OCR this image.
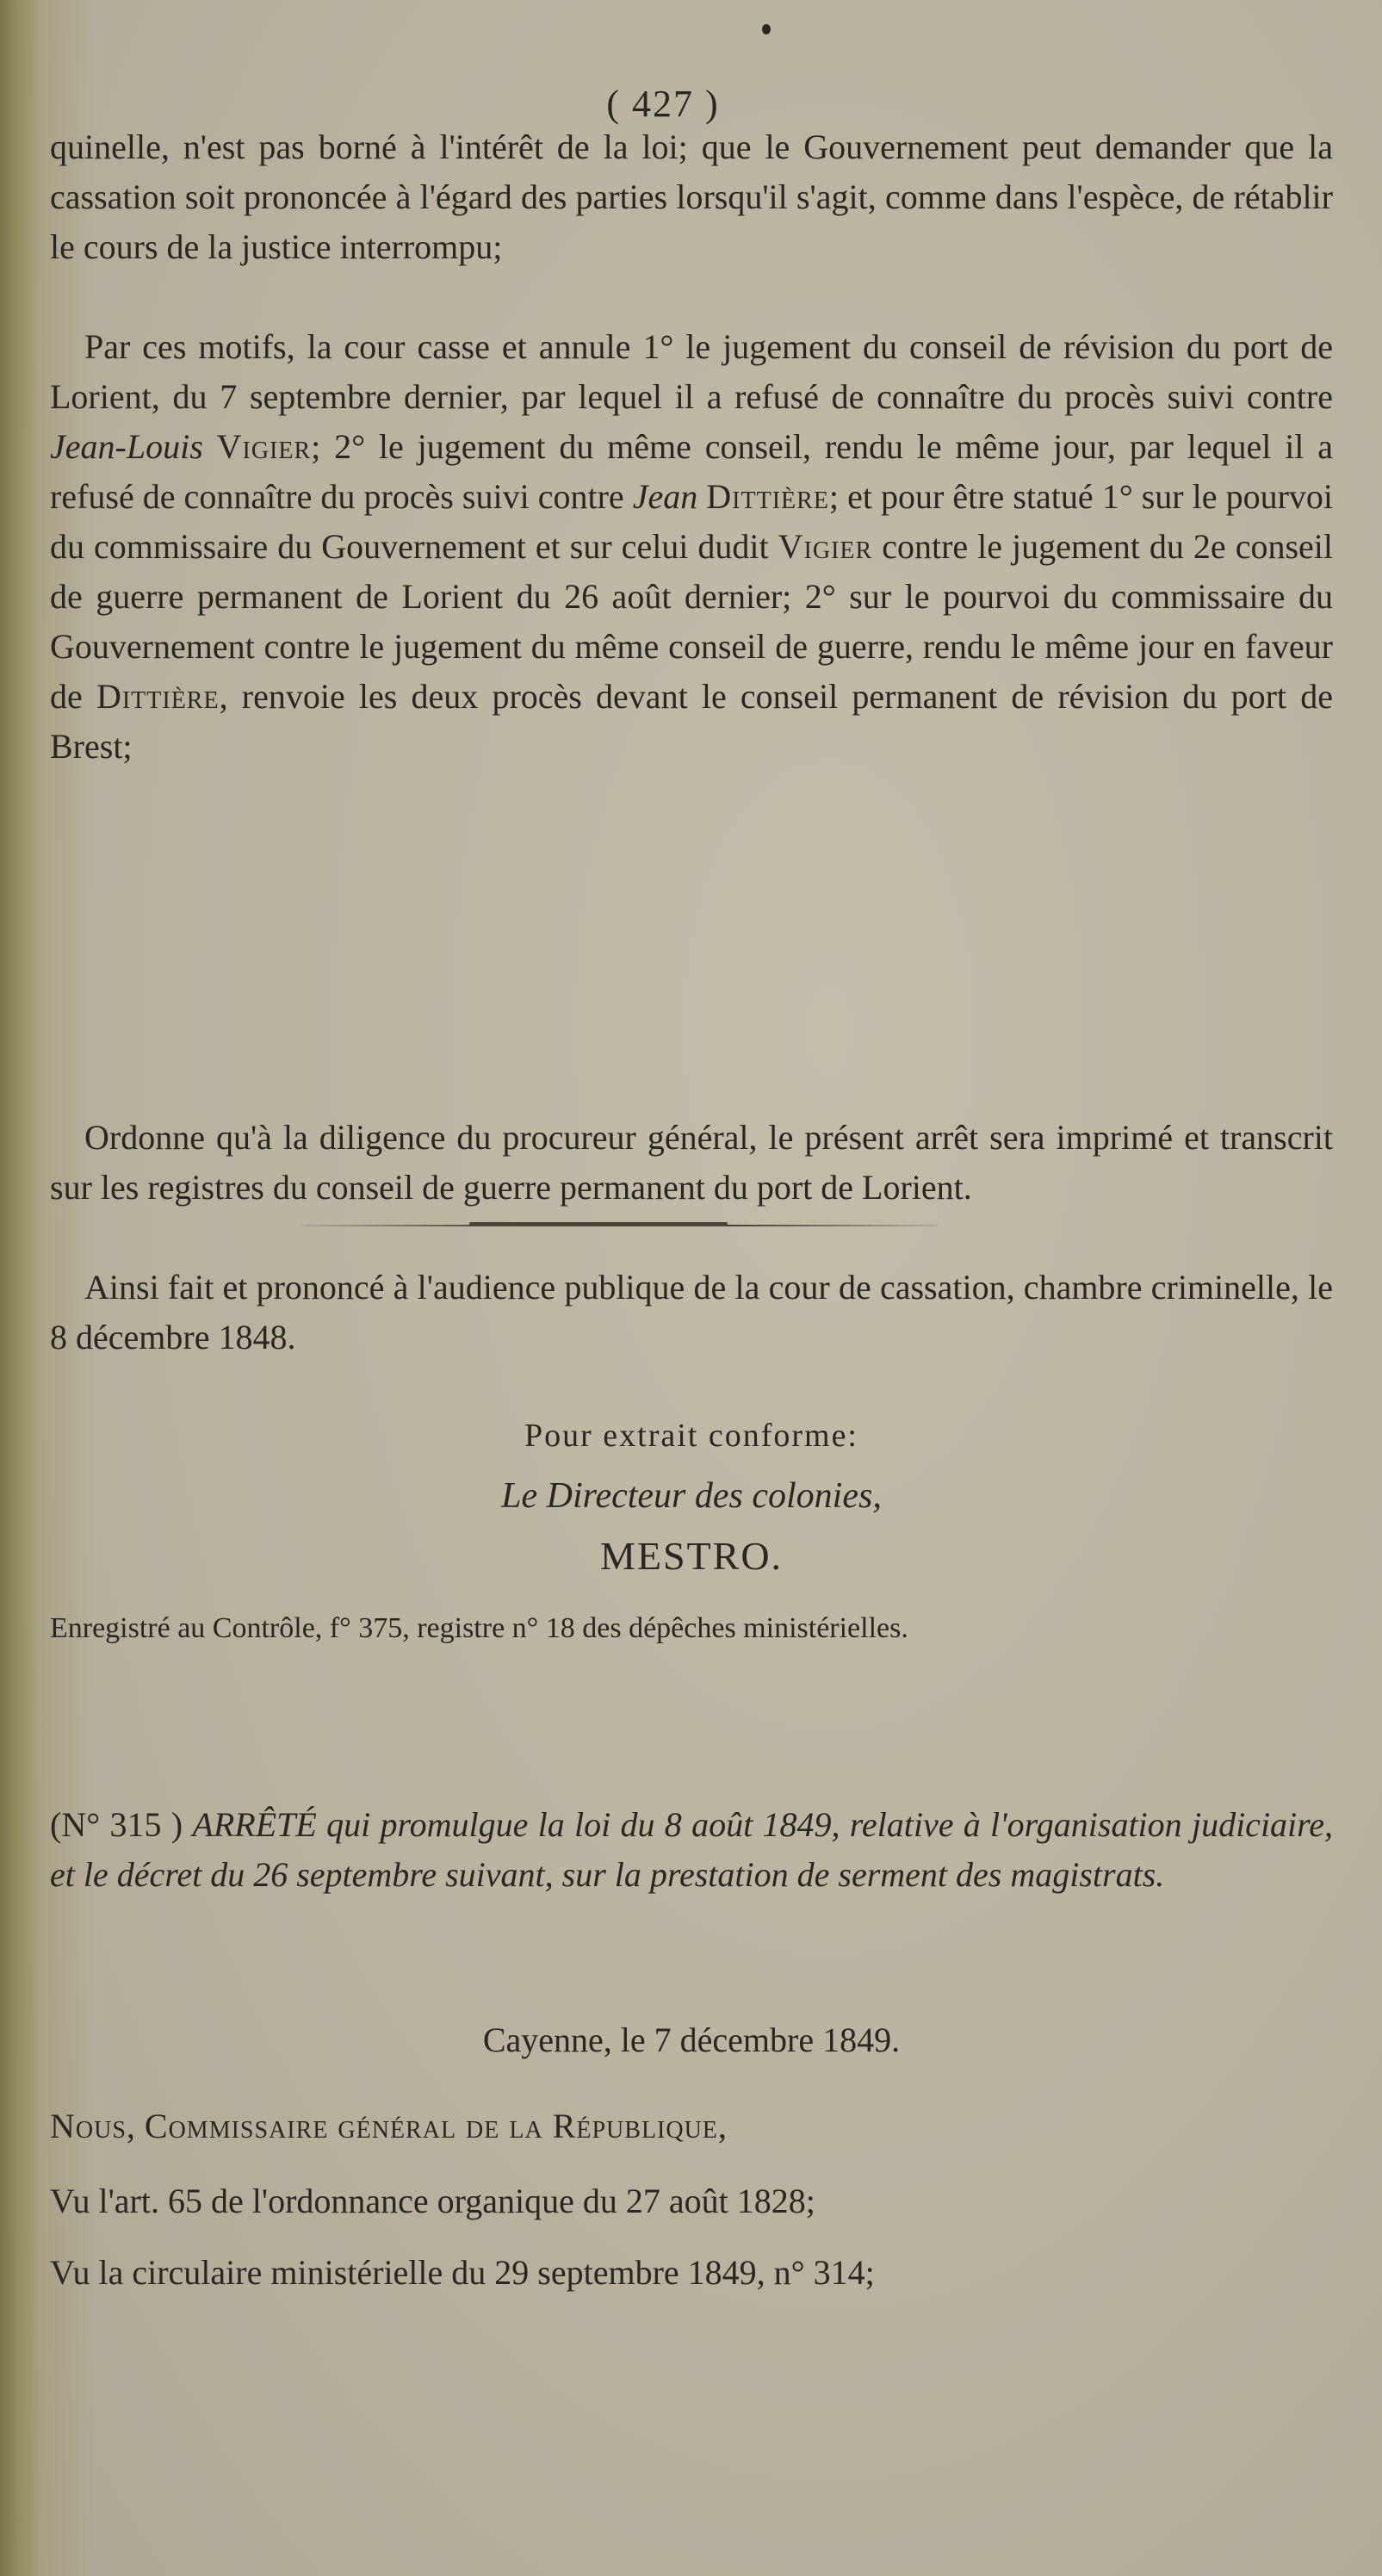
( 427 )
quinelle, n'est pas borné à l'intérêt de la loi; que le Gouvernement peut demander que la cassation soit prononcée à l'égard des parties lorsqu'il s'agit, comme dans l'espèce, de rétablir le cours de la justice interrompu;
Par ces motifs, la cour casse et annule 1° le jugement du conseil de révision du port de Lorient, du 7 septembre dernier, par lequel il a refusé de connaître du procès suivi contre Jean-Louis Vigier; 2° le jugement du même conseil, rendu le même jour, par lequel il a refusé de connaître du procès suivi contre Jean Dittière; et pour être statué 1° sur le pourvoi du commissaire du Gouvernement et sur celui dudit Vigier contre le jugement du 2e conseil de guerre permanent de Lorient du 26 août dernier; 2° sur le pourvoi du commissaire du Gouvernement contre le jugement du même conseil de guerre, rendu le même jour en faveur de Dittière, renvoie les deux procès devant le conseil permanent de révision du port de Brest;
Ordonne qu'à la diligence du procureur général, le présent arrêt sera imprimé et transcrit sur les registres du conseil de guerre permanent du port de Lorient.
Ainsi fait et prononcé à l'audience publique de la cour de cassation, chambre criminelle, le 8 décembre 1848.
Pour extrait conforme:
Le Directeur des colonies,
MESTRO.
Enregistré au Contrôle, f° 375, registre n° 18 des dépêches ministérielles.
(N° 315 ) ARRÊTÉ qui promulgue la loi du 8 août 1849, relative à l'organisation judiciaire, et le décret du 26 septembre suivant, sur la prestation de serment des magistrats.
Cayenne, le 7 décembre 1849.
Nous, Commissaire général de la République,
Vu l'art. 65 de l'ordonnance organique du 27 août 1828;
Vu la circulaire ministérielle du 29 septembre 1849, n° 314;
